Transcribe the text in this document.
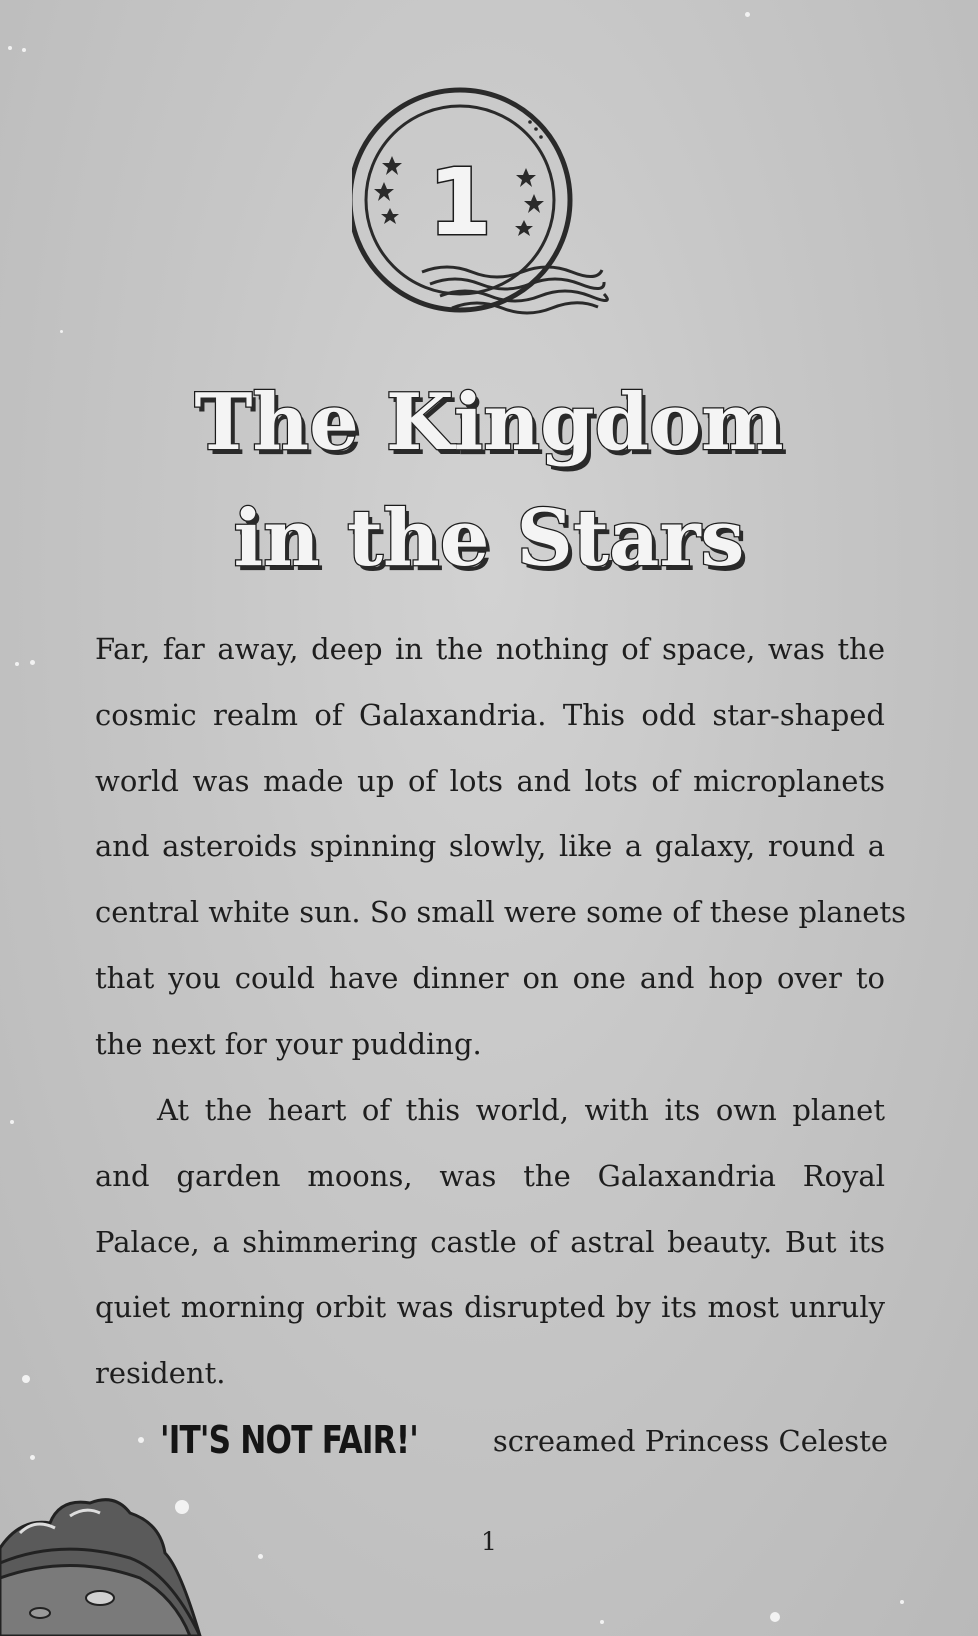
1
The Kingdom
in the Stars

Far, far away, deep in the nothing of space, was the
cosmic realm of Galaxandria. This odd star-shaped
world was made up of lots and lots of microplanets
and asteroids spinning slowly, like a galaxy, round a
central white sun. So small were some of these planets
that you could have dinner on one and hop over to
the next for your pudding.

At the heart of this world, with its own planet
and garden moons, was the Galaxandria Royal
Palace, a shimmering castle of astral beauty. But its
quiet morning orbit was disrupted by its most unruly
resident.

'IT'S NOT FAIR!'	screamed Princess Celeste
1
